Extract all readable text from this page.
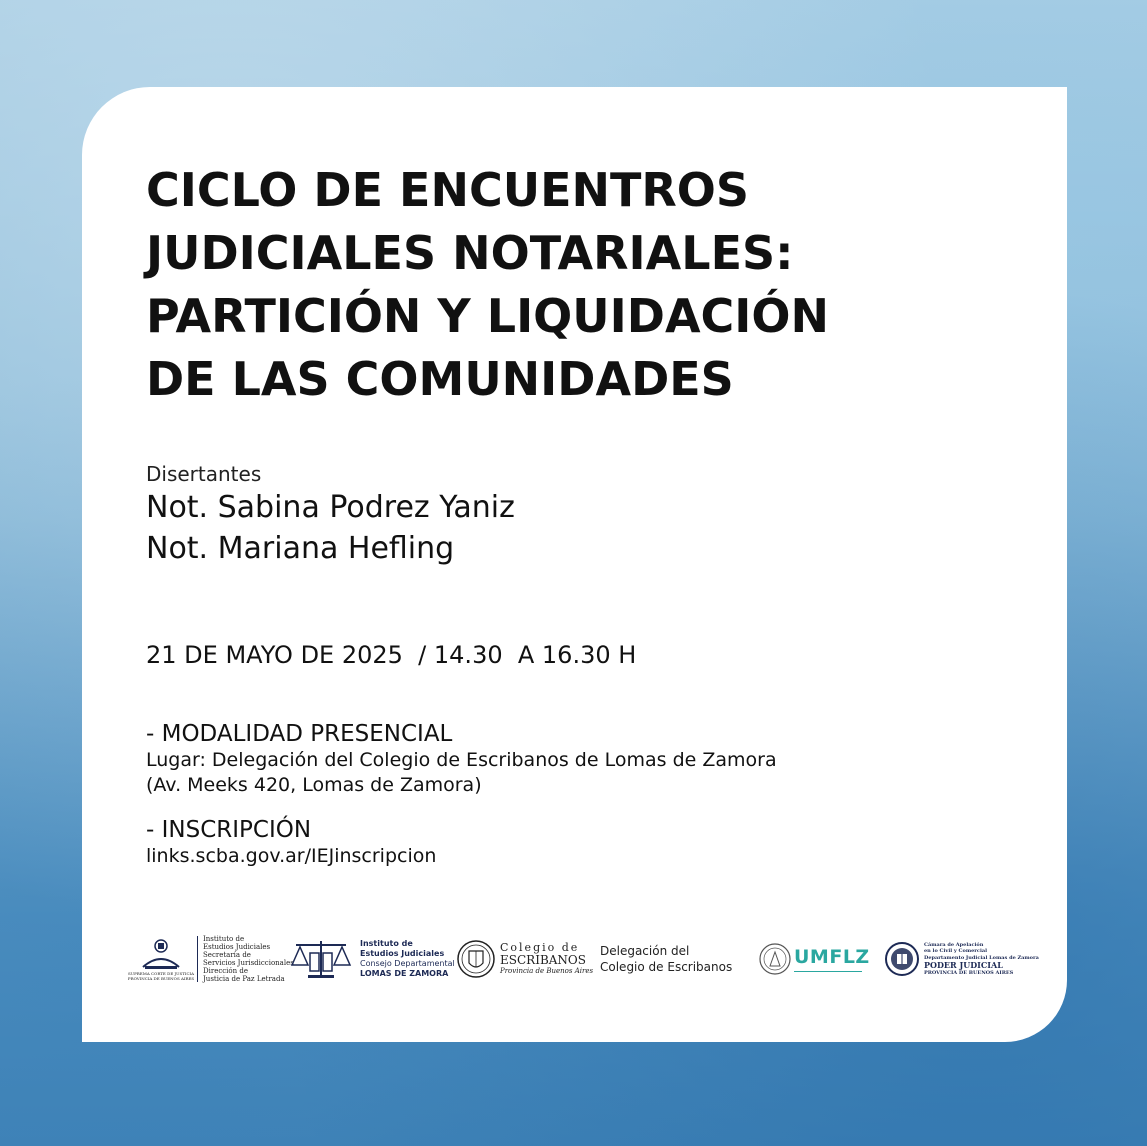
CICLO DE ENCUENTROS
JUDICIALES NOTARIALES:
PARTICIÓN Y LIQUIDACIÓN
DE LAS COMUNIDADES
Disertantes
Not. Sabina Podrez Yaniz
Not. Mariana Hefling
21 DE MAYO DE 2025  / 14.30  A 16.30 H
- MODALIDAD PRESENCIAL
Lugar: Delegación del Colegio de Escribanos de Lomas de Zamora
(Av. Meeks 420, Lomas de Zamora)
- INSCRIPCIÓN
links.scba.gov.ar/IEJinscripcion
SUPREMA CORTE DE JUSTICIA
PROVINCIA DE BUENOS AIRES
Instituto de
Estudios Judiciales
Secretaría de
Servicios Jurisdiccionales
Dirección de
Justicia de Paz Letrada
Instituto de
Estudios Judiciales
Consejo Departamental
LOMAS DE ZAMORA
Colegio de
ESCRIBANOS
Provincia de Buenos Aires
Delegación del
Colegio de Escribanos	UMFLZ
Cámara de Apelación
en lo Civil y Comercial
Departamento Judicial Lomas de Zamora
PODER JUDICIAL
PROVINCIA DE BUENOS AIRES
